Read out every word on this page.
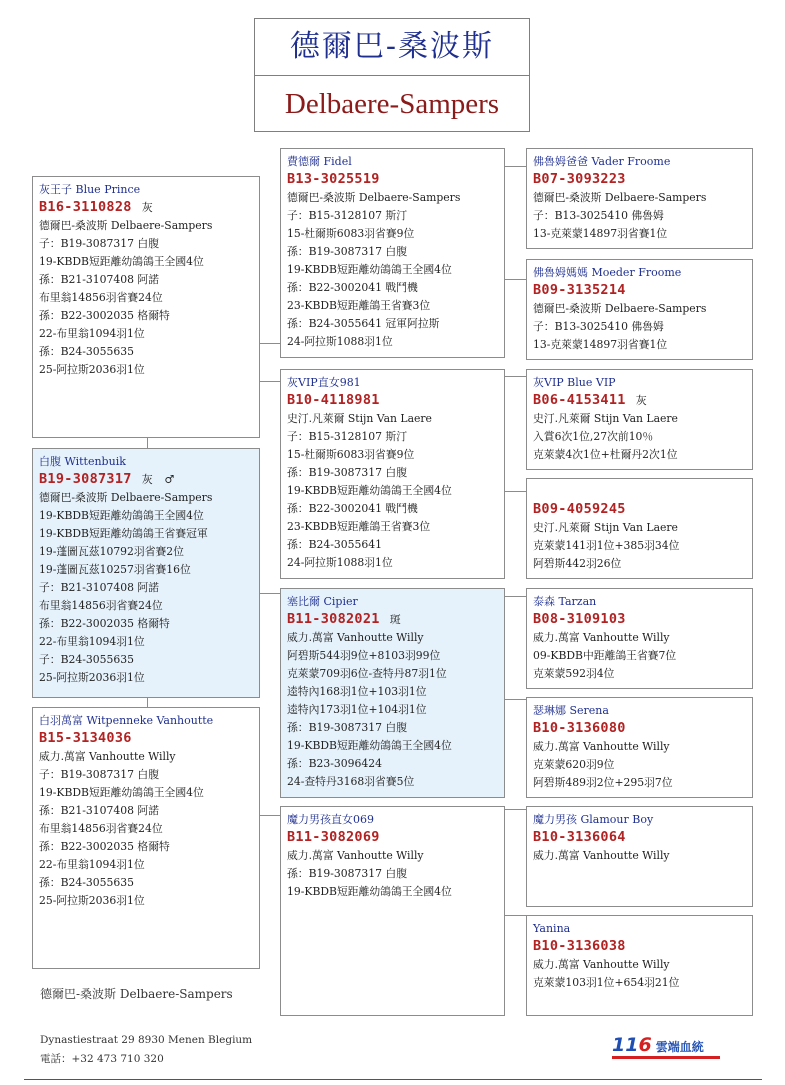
德爾巴-桑波斯
Delbaere-Sampers
灰王子 Blue Prince
B16-3110828 灰
德爾巴-桑波斯 Delbaere-Sampers
子：B19-3087317 白腹
19-KBDB短距離幼鴿鴿王全國4位
孫：B21-3107408 阿諾
布里翁14856羽省賽24位
孫：B22-3002035 格爾特
22-布里翁1094羽1位
孫：B24-3055635
25-阿拉斯2036羽1位
白腹 Wittenbuik
B19-3087317 灰　♂
德爾巴-桑波斯 Delbaere-Sampers
19-KBDB短距離幼鴿鴿王全國4位
19-KBDB短距離幼鴿鴿王省賽冠軍
19-蓬圖瓦茲10792羽省賽2位
19-蓬圖瓦茲10257羽省賽16位
子：B21-3107408 阿諾
布里翁14856羽省賽24位
孫：B22-3002035 格爾特
22-布里翁1094羽1位
子：B24-3055635
25-阿拉斯2036羽1位
白羽萬富 Witpenneke Vanhoutte
B15-3134036
威力.萬富 Vanhoutte Willy
子：B19-3087317 白腹
19-KBDB短距離幼鴿鴿王全國4位
孫：B21-3107408 阿諾
布里翁14856羽省賽24位
孫：B22-3002035 格爾特
22-布里翁1094羽1位
孫：B24-3055635
25-阿拉斯2036羽1位
費德爾 Fidel
B13-3025519
德爾巴-桑波斯 Delbaere-Sampers
子：B15-3128107 斯汀
15-杜爾斯6083羽省賽9位
孫：B19-3087317 白腹
19-KBDB短距離幼鴿鴿王全國4位
孫：B22-3002041 戰鬥機
23-KBDB短距離鴿王省賽3位
孫：B24-3055641 冠軍阿拉斯
24-阿拉斯1088羽1位
灰VIP直女981
B10-4118981
史汀.凡萊爾 Stijn Van Laere
子：B15-3128107 斯汀
15-杜爾斯6083羽省賽9位
孫：B19-3087317 白腹
19-KBDB短距離幼鴿鴿王全國4位
孫：B22-3002041 戰鬥機
23-KBDB短距離鴿王省賽3位
孫：B24-3055641
24-阿拉斯1088羽1位
塞比爾 Cipier
B11-3082021 斑
威力.萬富 Vanhoutte Willy
阿碧斯544羽9位+8103羽99位
克萊蒙709羽6位-查特丹87羽1位
逵特內168羽1位+103羽1位
逵特內173羽1位+104羽1位
孫：B19-3087317 白腹
19-KBDB短距離幼鴿鴿王全國4位
孫：B23-3096424
24-查特丹3168羽省賽5位
魔力男孩直女069
B11-3082069
威力.萬富 Vanhoutte Willy
孫：B19-3087317 白腹
19-KBDB短距離幼鴿鴿王全國4位
佛魯姆爸爸 Vader Froome
B07-3093223
德爾巴-桑波斯 Delbaere-Sampers
子：B13-3025410 佛魯姆
13-克萊蒙14897羽省賽1位
佛魯姆媽媽 Moeder Froome
B09-3135214
德爾巴-桑波斯 Delbaere-Sampers
子：B13-3025410 佛魯姆
13-克萊蒙14897羽省賽1位
灰VIP Blue VIP
B06-4153411 灰
史汀.凡萊爾 Stijn Van Laere
入賞6次1位,27次前10％
克萊蒙4次1位+杜爾丹2次1位

B09-4059245
史汀.凡萊爾 Stijn Van Laere
克萊蒙141羽1位+385羽34位
阿碧斯442羽26位
泰森 Tarzan
B08-3109103
威力.萬富 Vanhoutte Willy
09-KBDB中距離鴿王省賽7位
克萊蒙592羽4位
瑟琳娜 Serena
B10-3136080
威力.萬富 Vanhoutte Willy
克萊蒙620羽9位
阿碧斯489羽2位+295羽7位
魔力男孩 Glamour Boy
B10-3136064
威力.萬富 Vanhoutte Willy
Yanina
B10-3136038
威力.萬富 Vanhoutte Willy
克萊蒙103羽1位+654羽21位
德爾巴-桑波斯 Delbaere-Sampers
Dynastiestraat 29 8930 Menen Blegium
電話：+32 473 710 320
116 雲端血統
